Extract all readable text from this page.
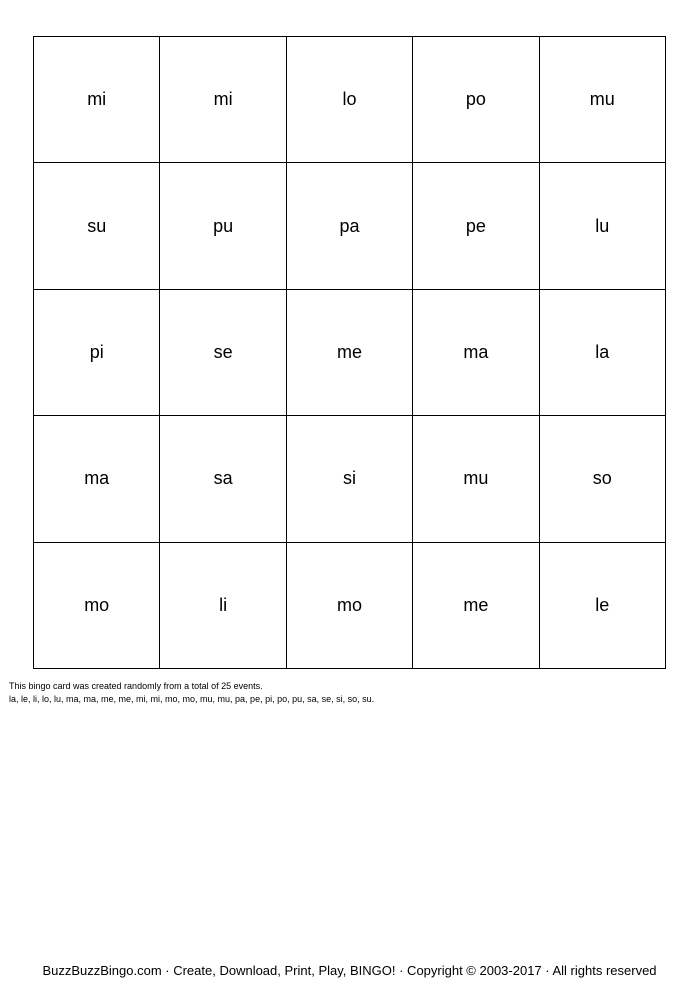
mi	mi	lo	po	mu
su	pu	pa	pe	lu
pi	se	me	ma	la
ma	sa	si	mu	so
mo	li	mo	me	le

This bingo card was created randomly from a total of 25 events.

la, le, li, lo, lu, ma, ma, me, me, mi, mi, mo, mo, mu, mu, pa, pe, pi, po, pu, sa, se, si, so, su.

BuzzBuzzBingo.com · Create, Download, Print, Play, BINGO! · Copyright © 2003-2017 · All rights reserved
